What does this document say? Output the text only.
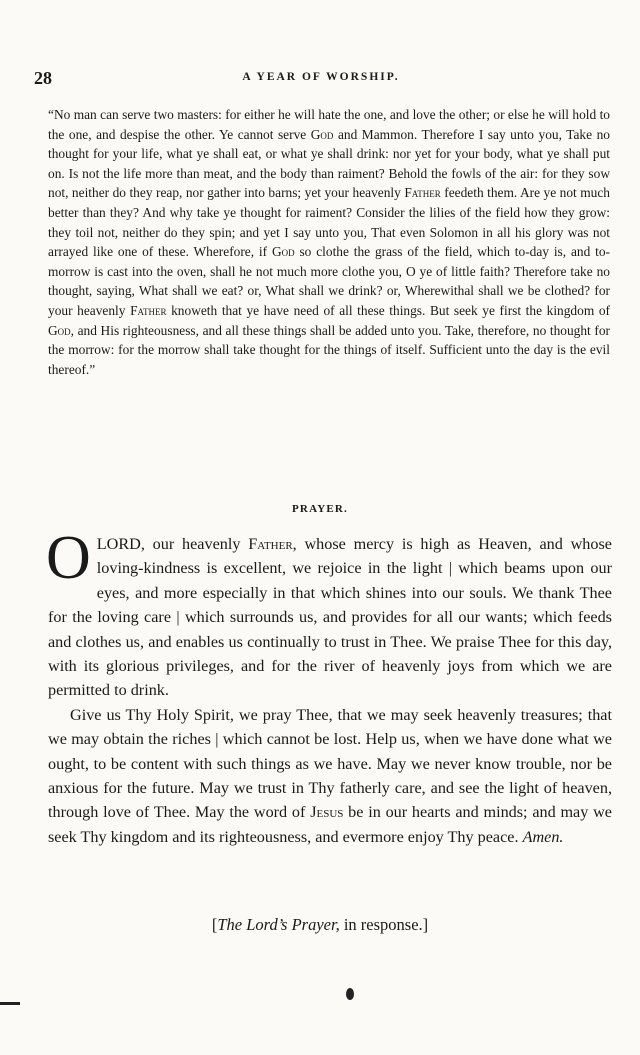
28	A YEAR OF WORSHIP.

“No man can serve two masters: for either he will hate the one, and love the other; or else he will hold to the one, and despise the other. Ye cannot serve God and Mammon. Therefore I say unto you, Take no thought for your life, what ye shall eat, or what ye shall drink: nor yet for your body, what ye shall put on. Is not the life more than meat, and the body than raiment? Behold the fowls of the air: for they sow not, neither do they reap, nor gather into barns; yet your heavenly Father feedeth them. Are ye not much better than they? And why take ye thought for raiment? Consider the lilies of the field how they grow: they toil not, neither do they spin; and yet I say unto you, That even Solomon in all his glory was not arrayed like one of these. Wherefore, if God so clothe the grass of the field, which to-day is, and to-morrow is cast into the oven, shall he not much more clothe you, O ye of little faith? Therefore take no thought, saying, What shall we eat? or, What shall we drink? or, Wherewithal shall we be clothed? for your heavenly Father knoweth that ye have need of all these things. But seek ye first the kingdom of God, and His righteousness, and all these things shall be added unto you. Take, therefore, no thought for the morrow: for the morrow shall take thought for the things of itself. Sufficient unto the day is the evil thereof.”

PRAYER.

O LORD, our heavenly Father, whose mercy is high as Heaven, and whose loving-kindness is excellent, we rejoice in the light | which beams upon our eyes, and more especially in that which shines into our souls. We thank Thee for the loving care | which surrounds us, and provides for all our wants; which feeds and clothes us, and enables us continually to trust in Thee. We praise Thee for this day, with its glorious privileges, and for the river of heavenly joys from which we are permitted to drink.

Give us Thy Holy Spirit, we pray Thee, that we may seek heavenly treasures; that we may obtain the riches | which cannot be lost. Help us, when we have done what we ought, to be content with such things as we have. May we never know trouble, nor be anxious for the future. May we trust in Thy fatherly care, and see the light of heaven, through love of Thee. May the word of Jesus be in our hearts and minds; and may we seek Thy kingdom and its righteousness, and evermore enjoy Thy peace. Amen.

[The Lord’s Prayer, in response.]
